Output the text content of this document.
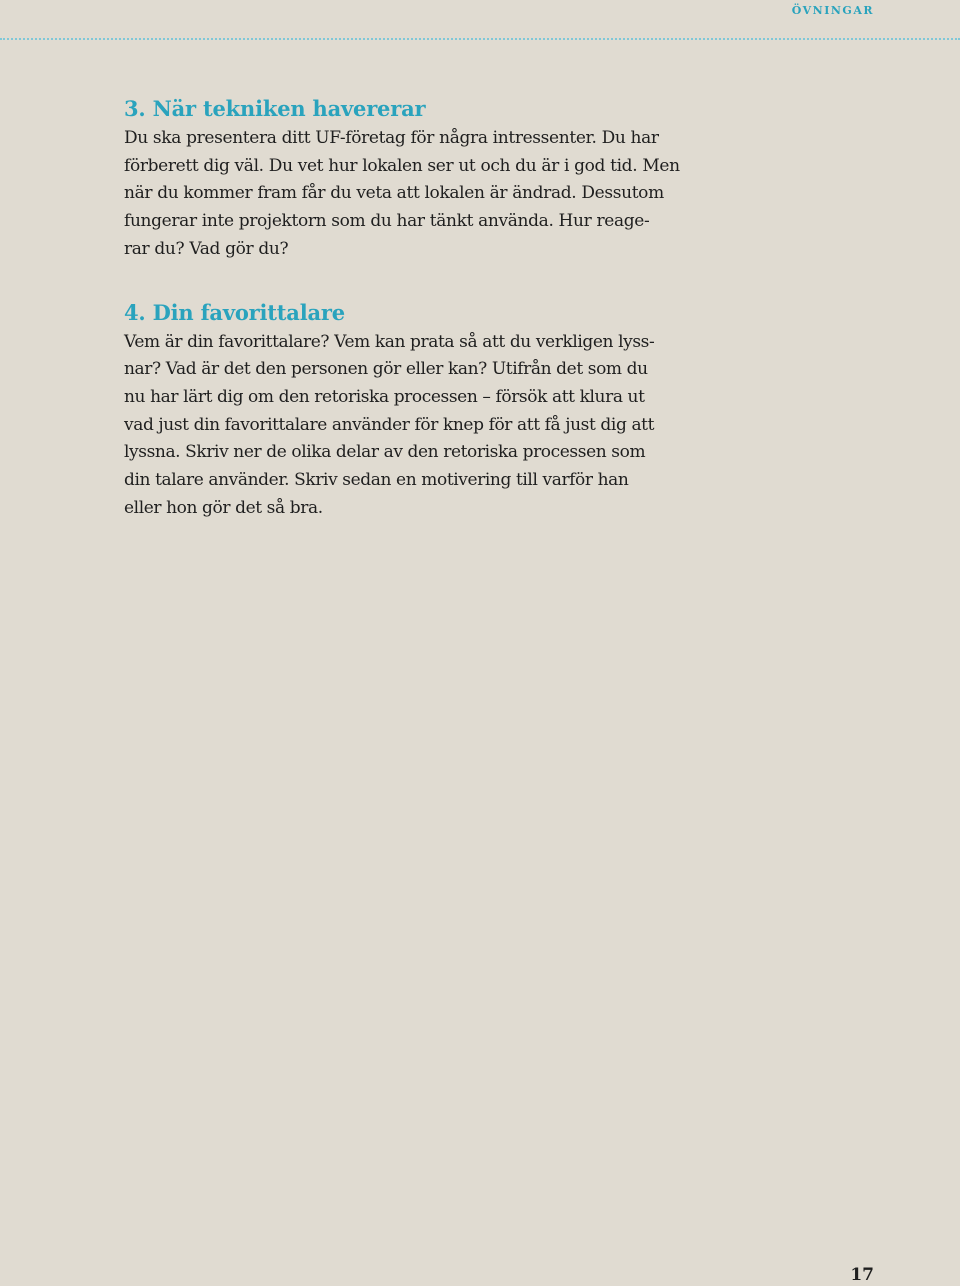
övningar
3. När tekniken havererar
Du ska presentera ditt UF-företag för några intressenter. Du har
förberett dig väl. Du vet hur lokalen ser ut och du är i god tid. Men
när du kommer fram får du veta att lokalen är ändrad. Dessutom
fungerar inte projektorn som du har tänkt använda. Hur reage-
rar du? Vad gör du?
4. Din favorittalare
Vem är din favorittalare? Vem kan prata så att du verkligen lyss-
nar? Vad är det den personen gör eller kan? Utifrån det som du
nu har lärt dig om den retoriska processen – försök att klura ut
vad just din favorittalare använder för knep för att få just dig att
lyssna. Skriv ner de olika delar av den retoriska processen som
din talare använder. Skriv sedan en motivering till varför han
eller hon gör det så bra.
17
